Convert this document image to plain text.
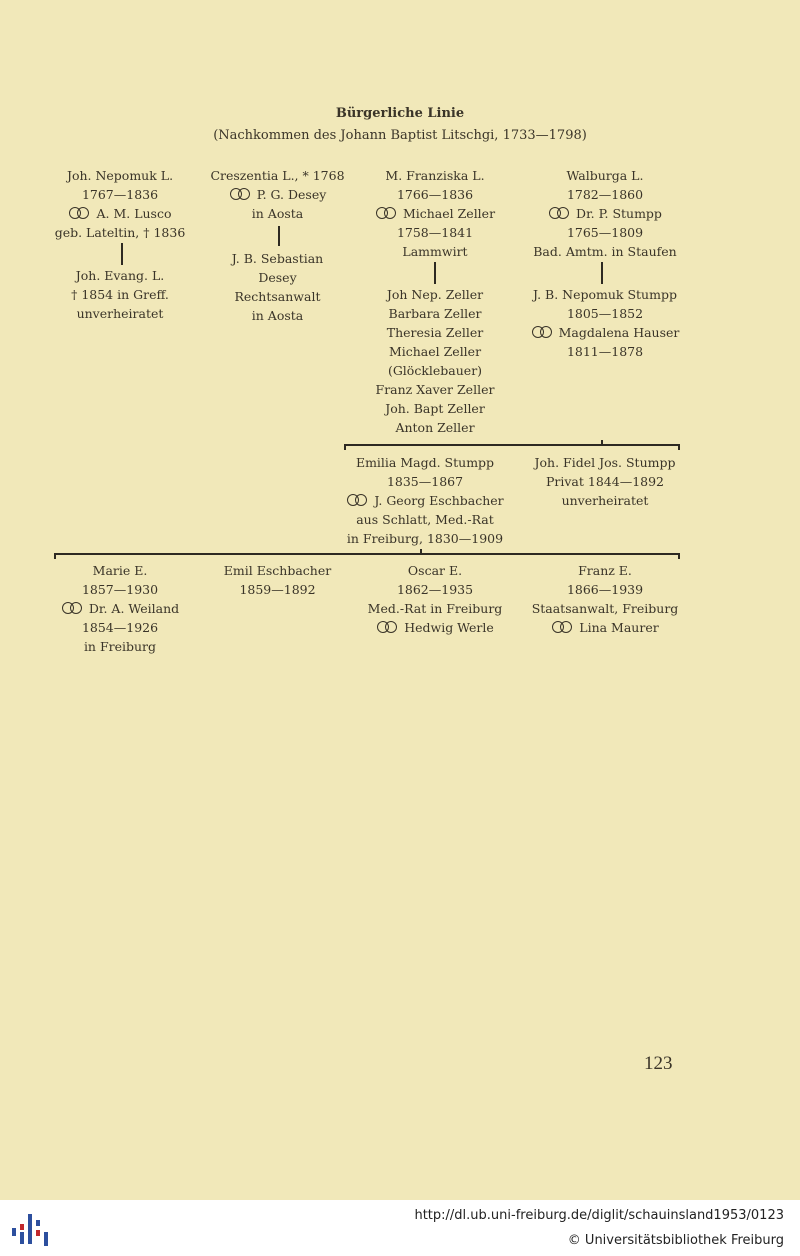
Bürgerliche Linie
(Nachkommen des Johann Baptist Litschgi, 1733—1798)
Joh. Nepomuk L.
1767—1836
A. M. Lusco
geb. Lateltin, † 1836
Creszentia L., * 1768
P. G. Desey
in Aosta
M. Franziska L.
1766—1836
Michael Zeller
1758—1841
Lammwirt
Walburga L.
1782—1860
Dr. P. Stumpp
1765—1809
Bad. Amtm. in Staufen
Joh. Evang. L.
† 1854 in Greff.
unverheiratet
J. B. Sebastian
Desey
Rechtsanwalt
in Aosta
Joh Nep. Zeller
Barbara Zeller
Theresia Zeller
Michael Zeller
(Glöcklebauer)
Franz Xaver Zeller
Joh. Bapt Zeller
Anton Zeller
J. B. Nepomuk Stumpp
1805—1852
Magdalena Hauser
1811—1878
Emilia Magd. Stumpp
1835—1867
J. Georg Eschbacher
aus Schlatt, Med.-Rat
in Freiburg, 1830—1909
Joh. Fidel Jos. Stumpp
Privat 1844—1892
unverheiratet
Marie E.
1857—1930
Dr. A. Weiland
1854—1926
in Freiburg
Emil Eschbacher
1859—1892
Oscar E.
1862—1935
Med.-Rat in Freiburg
Hedwig Werle
Franz E.
1866—1939
Staatsanwalt, Freiburg
Lina Maurer
123
http://dl.ub.uni-freiburg.de/diglit/schauinsland1953/0123
© Universitätsbibliothek Freiburg
